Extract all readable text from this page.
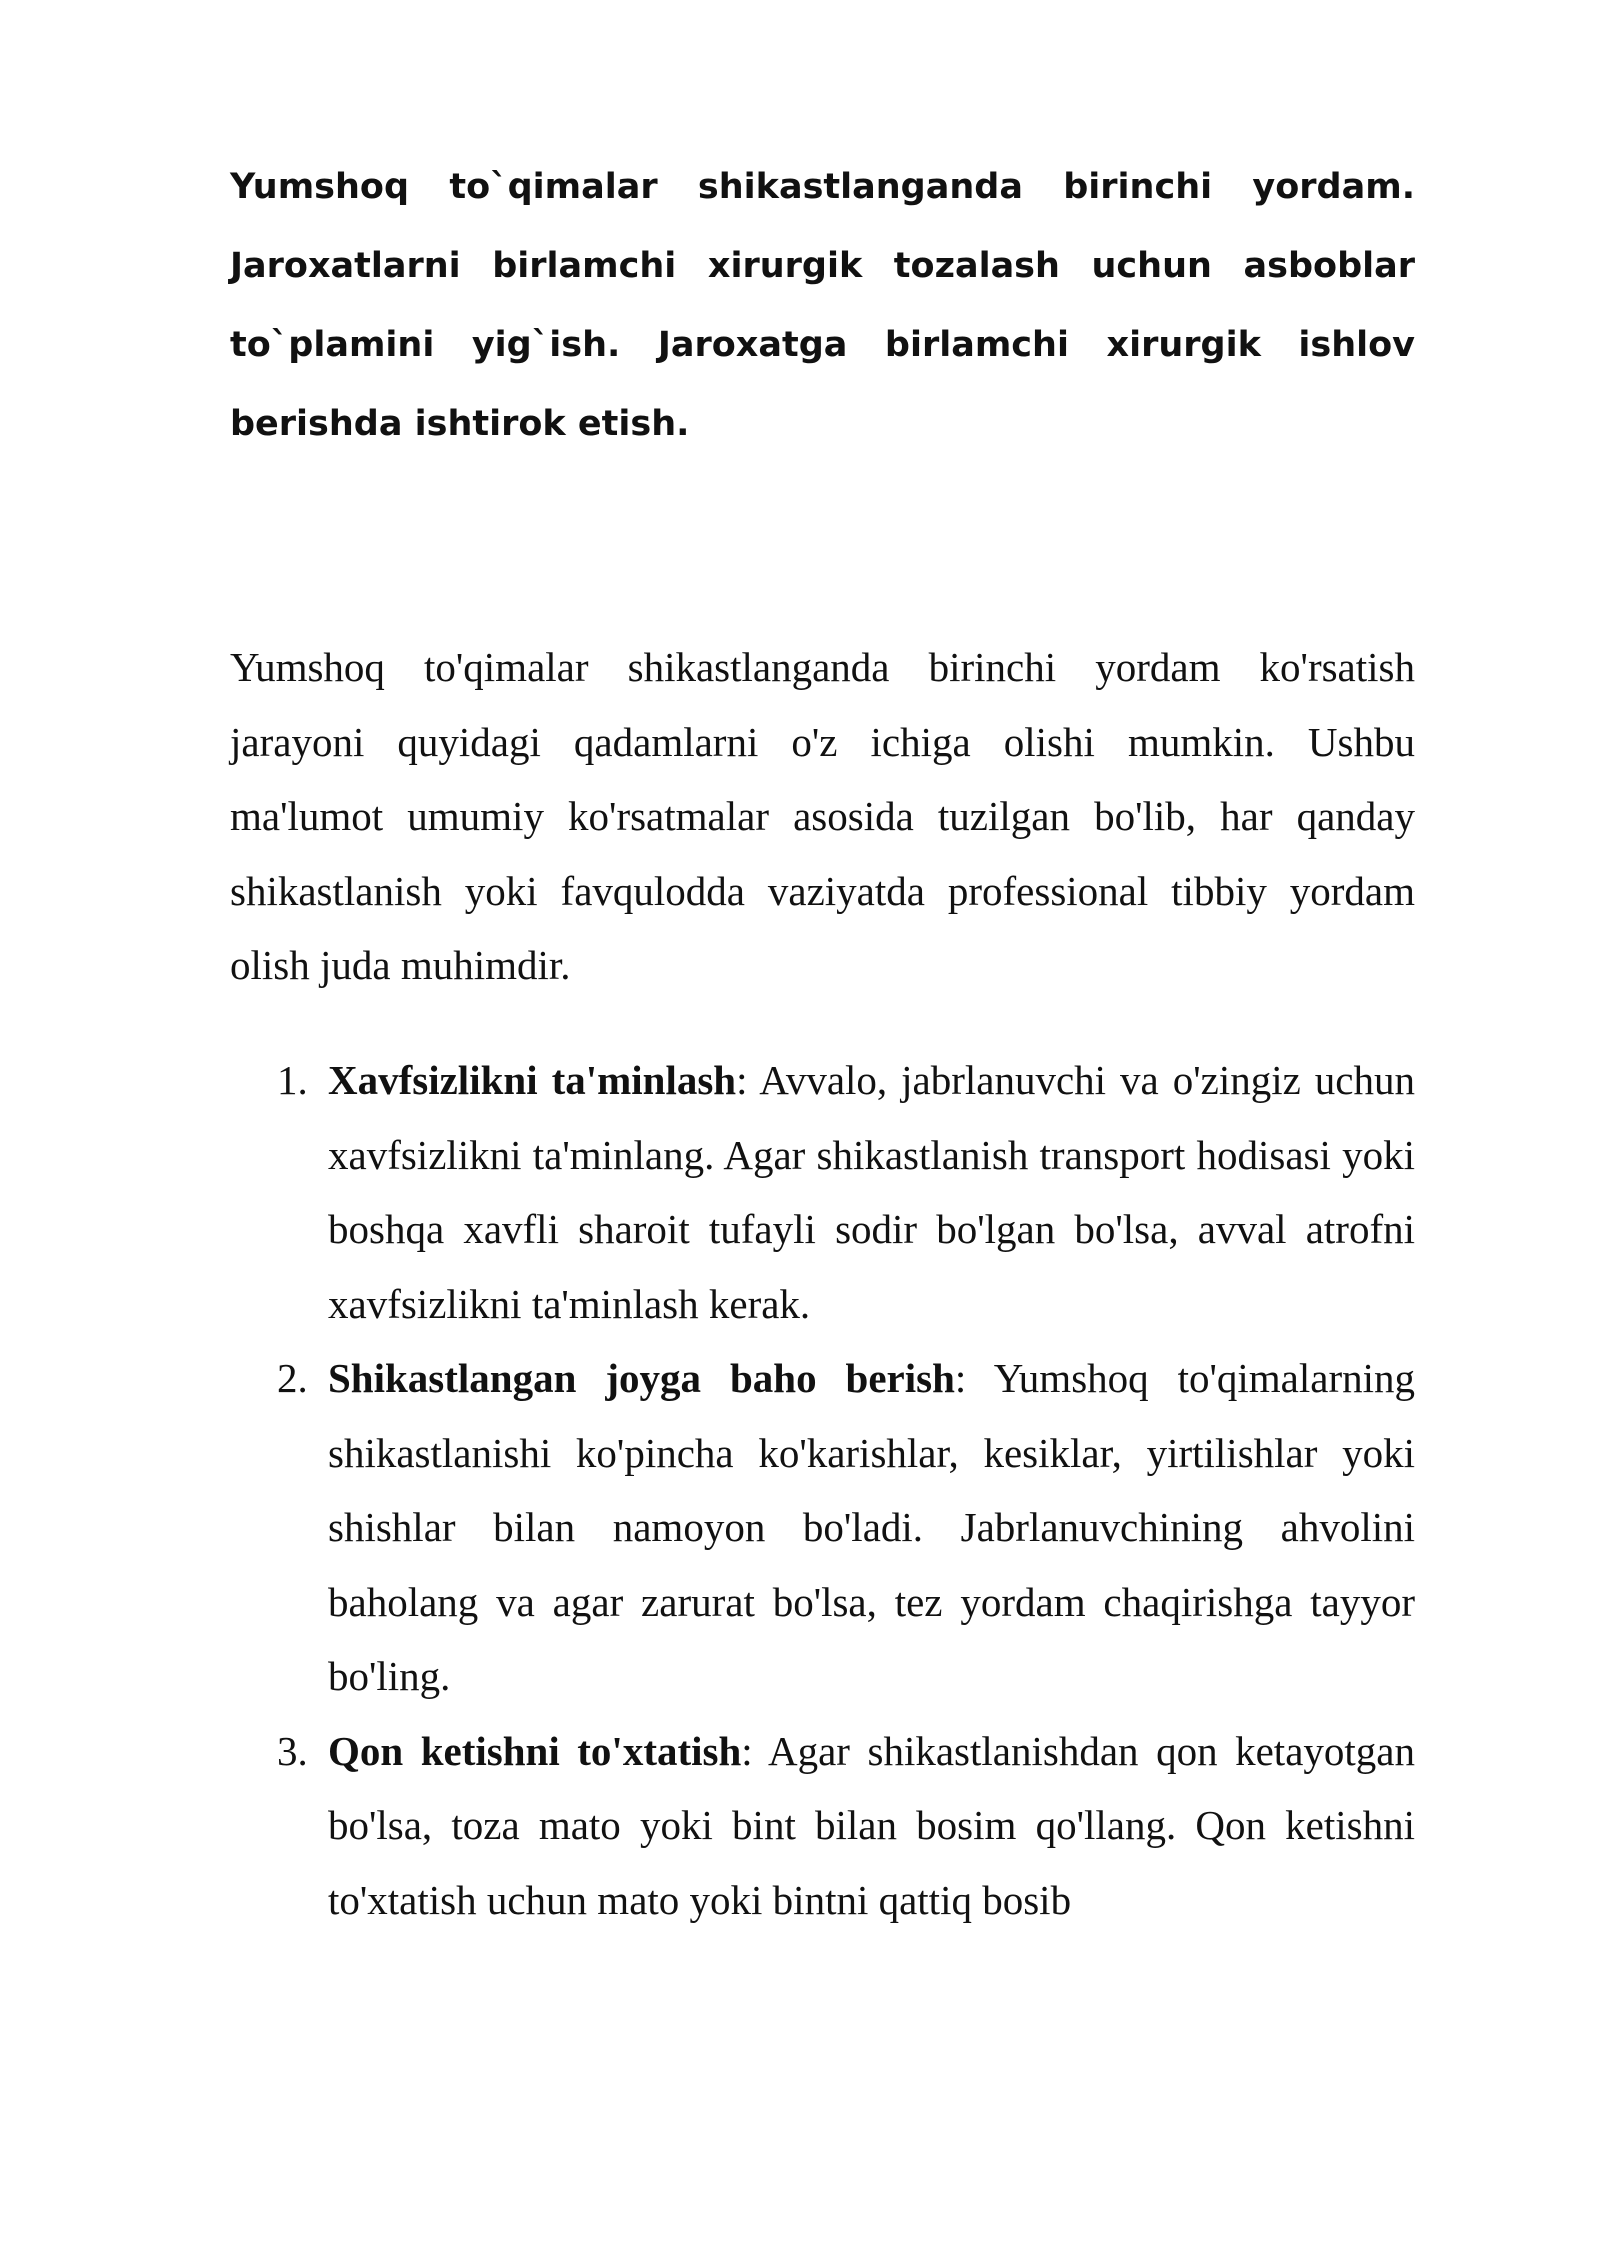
Yumshoq to`qimalar shikastlanganda birinchi yordam. Jaroxatlarni birlamchi xirurgik tozalash uchun asboblar to`plamini yig`ish. Jaroxatga birlamchi xirurgik ishlov berishda ishtirok etish.

Yumshoq to'qimalar shikastlanganda birinchi yordam ko'rsatish jarayoni quyidagi qadamlarni o'z ichiga olishi mumkin. Ushbu ma'lumot umumiy ko'rsatmalar asosida tuzilgan bo'lib, har qanday shikastlanish yoki favqulodda vaziyatda professional tibbiy yordam olish juda muhimdir.

1. Xavfsizlikni ta'minlash: Avvalo, jabrlanuvchi va o'zingiz uchun xavfsizlikni ta'minlang. Agar shikastlanish transport hodisasi yoki boshqa xavfli sharoit tufayli sodir bo'lgan bo'lsa, avval atrofni xavfsizlikni ta'minlash kerak.
2. Shikastlangan joyga baho berish: Yumshoq to'qimalarning shikastlanishi ko'pincha ko'karishlar, kesiklar, yirtilishlar yoki shishlar bilan namoyon bo'ladi. Jabrlanuvchining ahvolini baholang va agar zarurat bo'lsa, tez yordam chaqirishga tayyor bo'ling.
3. Qon ketishni to'xtatish: Agar shikastlanishdan qon ketayotgan bo'lsa, toza mato yoki bint bilan bosim qo'llang. Qon ketishni to'xtatish uchun mato yoki bintni qattiq bosib
